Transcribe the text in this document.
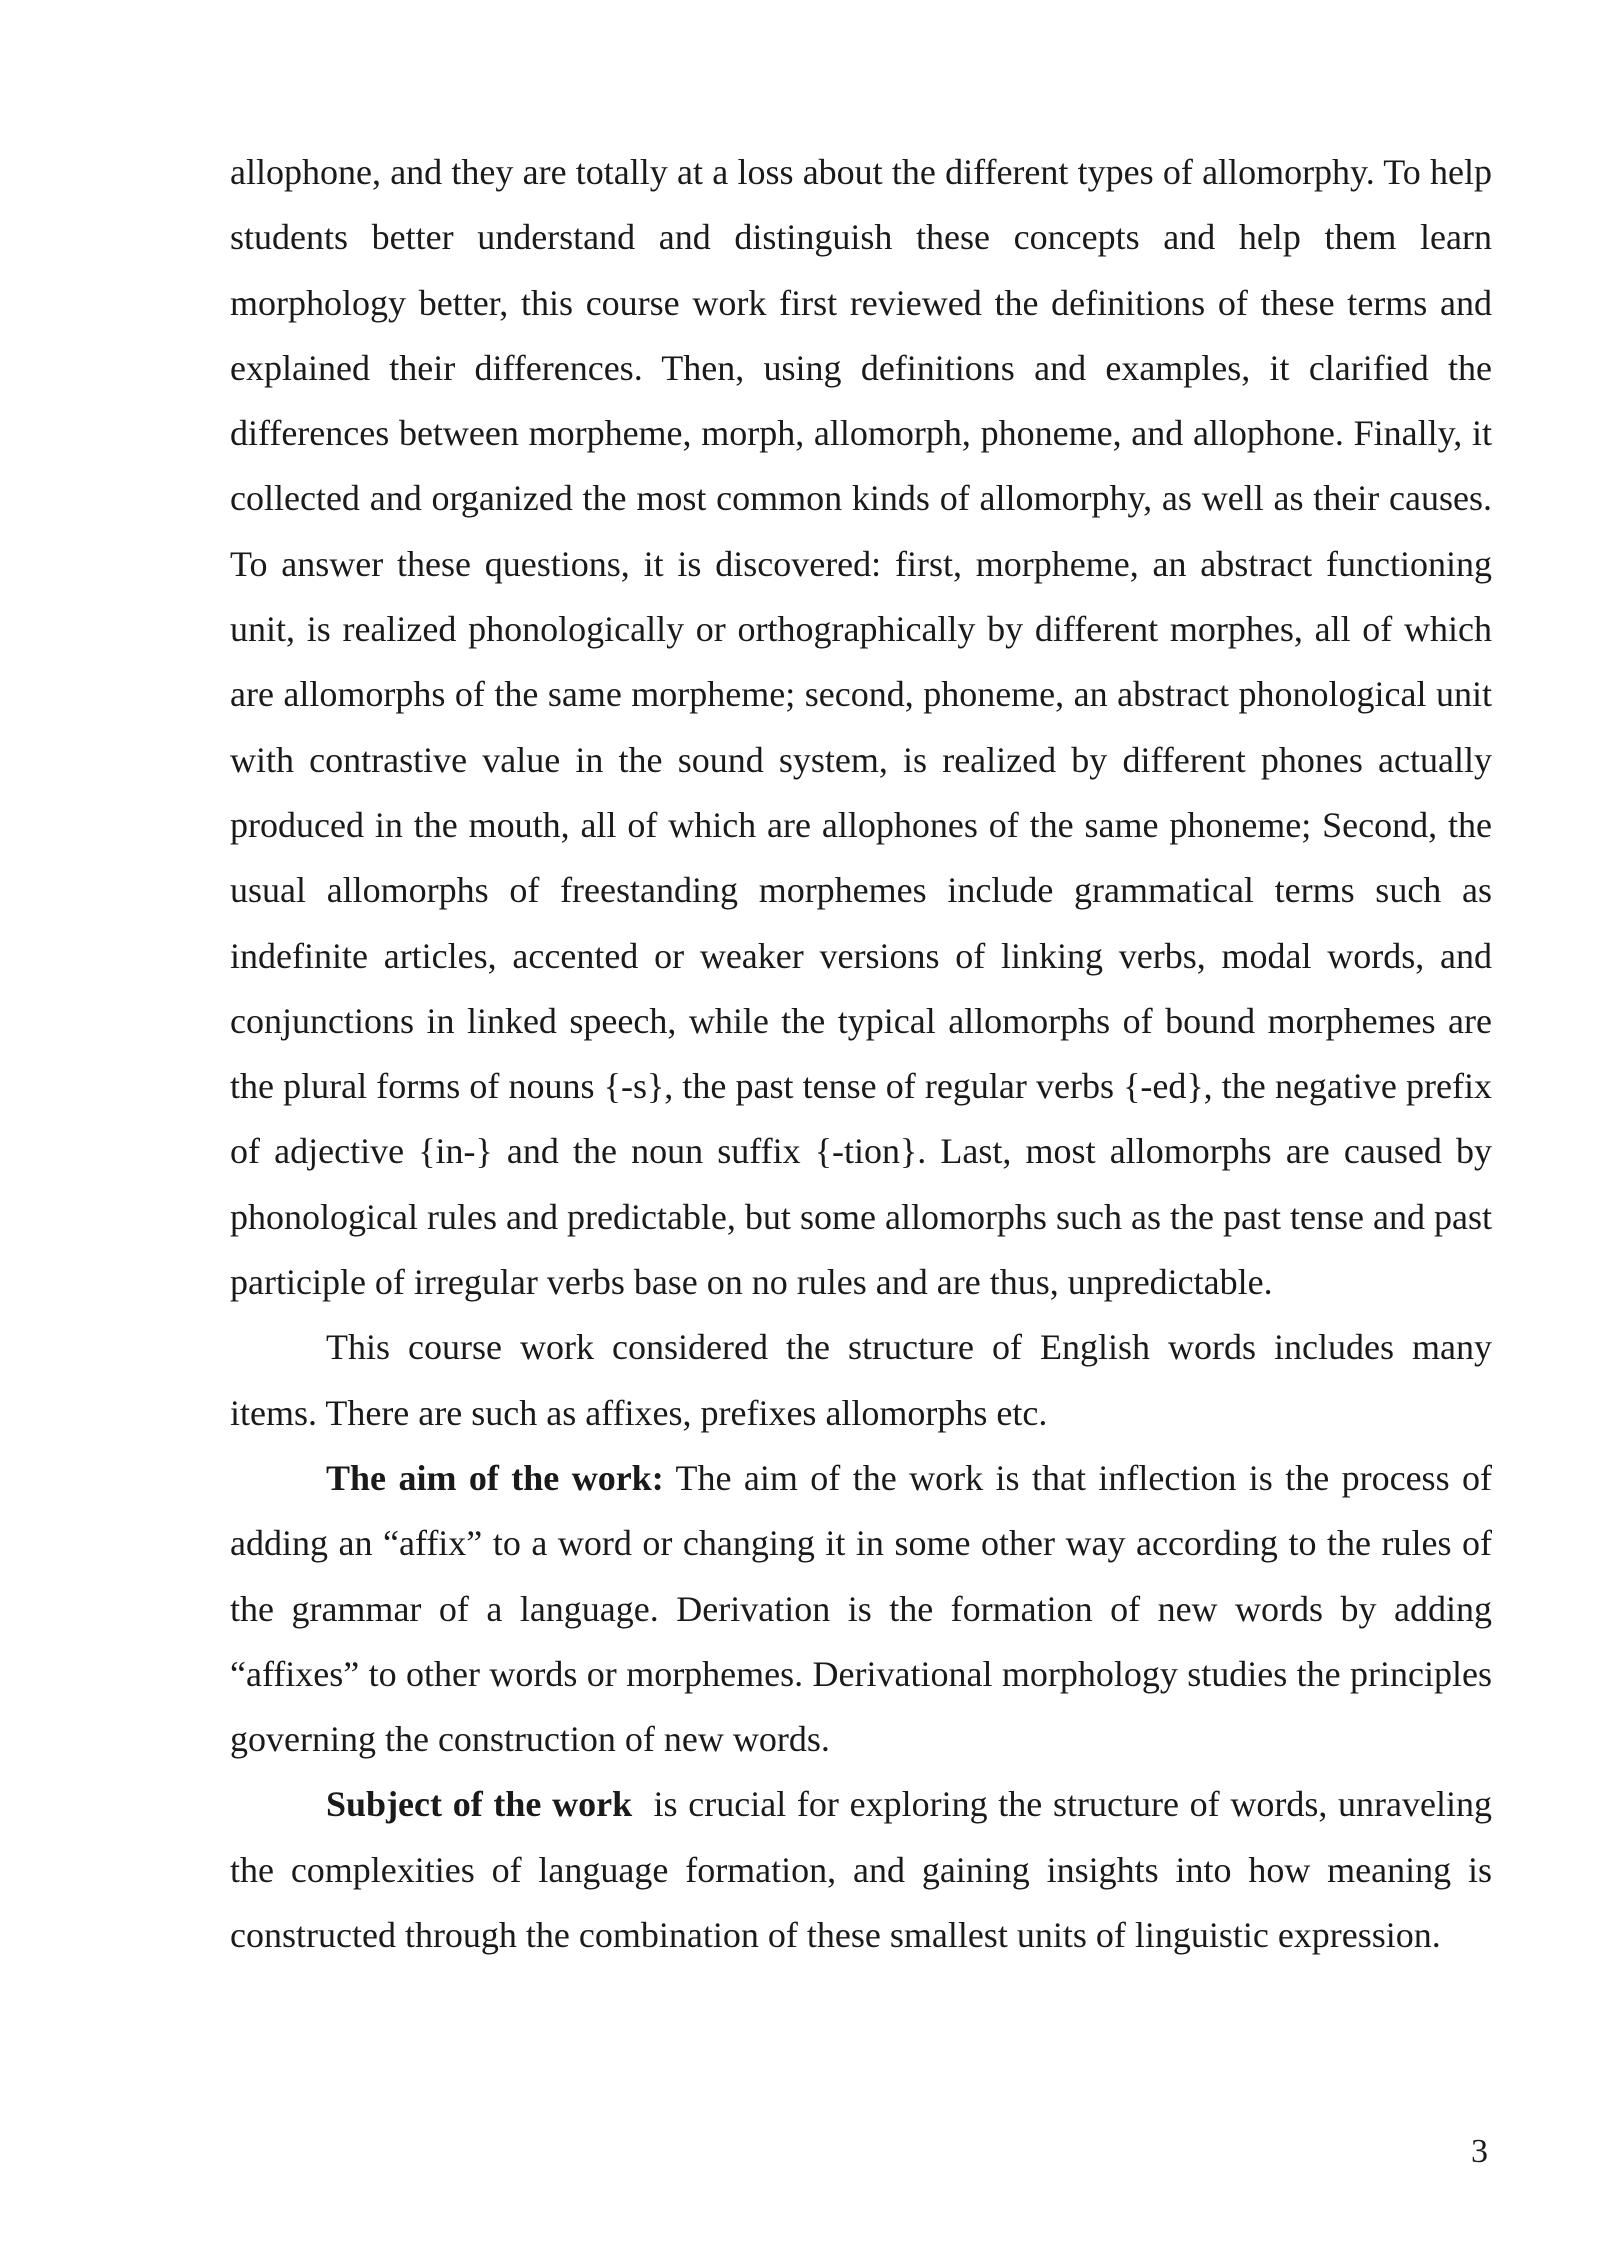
allophone, and they are totally at a loss about the different types of allomorphy. To help students better understand and distinguish these concepts and help them learn morphology better, this course work first reviewed the definitions of these terms and explained their differences. Then, using definitions and examples, it clarified the differences between morpheme, morph, allomorph, phoneme, and allophone. Finally, it collected and organized the most common kinds of allomorphy, as well as their causes. To answer these questions, it is discovered: first, morpheme, an abstract functioning unit, is realized phonologically or orthographically by different morphes, all of which are allomorphs of the same morpheme; second, phoneme, an abstract phonological unit with contrastive value in the sound system, is realized by different phones actually produced in the mouth, all of which are allophones of the same phoneme; Second, the usual allomorphs of freestanding morphemes include grammatical terms such as indefinite articles, accented or weaker versions of linking verbs, modal words, and conjunctions in linked speech, while the typical allomorphs of bound morphemes are the plural forms of nouns {-s}, the past tense of regular verbs {-ed}, the negative prefix of adjective {in-} and the noun suffix {-tion}. Last, most allomorphs are caused by phonological rules and predictable, but some allomorphs such as the past tense and past participle of irregular verbs base on no rules and are thus, unpredictable.

This course work considered the structure of English words includes many items. There are such as affixes, prefixes allomorphs etc.

The aim of the work: The aim of the work is that inflection is the process of adding an “affix” to a word or changing it in some other way according to the rules of the grammar of a language. Derivation is the formation of new words by adding “affixes” to other words or morphemes. Derivational morphology studies the principles governing the construction of new words.

Subject of the work  is crucial for exploring the structure of words, unraveling the complexities of language formation, and gaining insights into how meaning is constructed through the combination of these smallest units of linguistic expression.

3
